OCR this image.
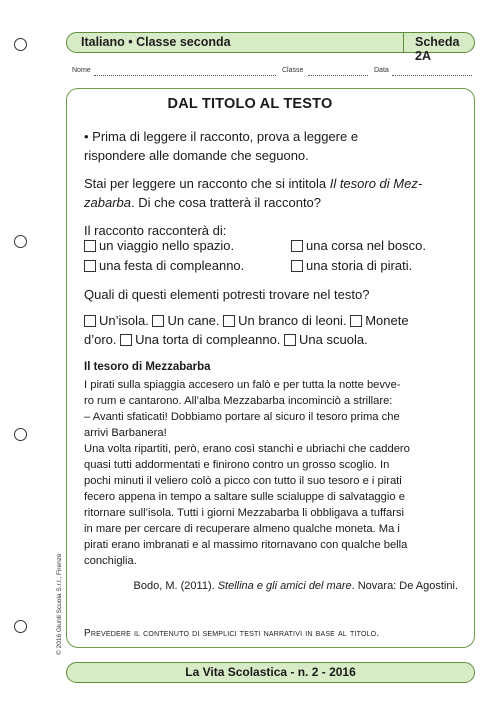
Italiano • Classe seconda	Scheda 2A
Nome	Classe	Data
DAL TITOLO AL TESTO
• Prima di leggere il racconto, prova a leggere e
rispondere alle domande che seguono.
Stai per leggere un racconto che si intitola Il tesoro di Mez-
zabarba. Di che cosa tratterà il racconto?
Il racconto racconterà di:
un viaggio nello spazio.	una corsa nel bosco.
una festa di compleanno.	una storia di pirati.
Quali di questi elementi potresti trovare nel testo?
Un’isola. Un cane. Un branco di leoni. Monete
d’oro. Una torta di compleanno. Una scuola.
Il tesoro di Mezzabarba
I pirati sulla spiaggia accesero un falò e per tutta la notte bevve-
ro rum e cantarono. All’alba Mezzabarba incominciò a strillare:
– Avanti sfaticati! Dobbiamo portare al sicuro il tesoro prima che
arrivi Barbanera!
Una volta ripartiti, però, erano così stanchi e ubriachi che caddero
quasi tutti addormentati e finirono contro un grosso scoglio. In
pochi minuti il veliero colò a picco con tutto il suo tesoro e i pirati
fecero appena in tempo a saltare sulle scialuppe di salvataggio e
ritornare sull’isola. Tutti i giorni Mezzabarba li obbligava a tuffarsi
in mare per cercare di recuperare almeno qualche moneta. Ma i
pirati erano imbranati e al massimo ritornavano con qualche bella
conchiglia.
Bodo, M. (2011). Stellina e gli amici del mare. Novara: De Agostini.
Prevedere il contenuto di semplici testi narrativi in base al titolo.
© 2016 Giunti Scuola S.r.l., Firenze
La Vita Scolastica - n. 2 - 2016
